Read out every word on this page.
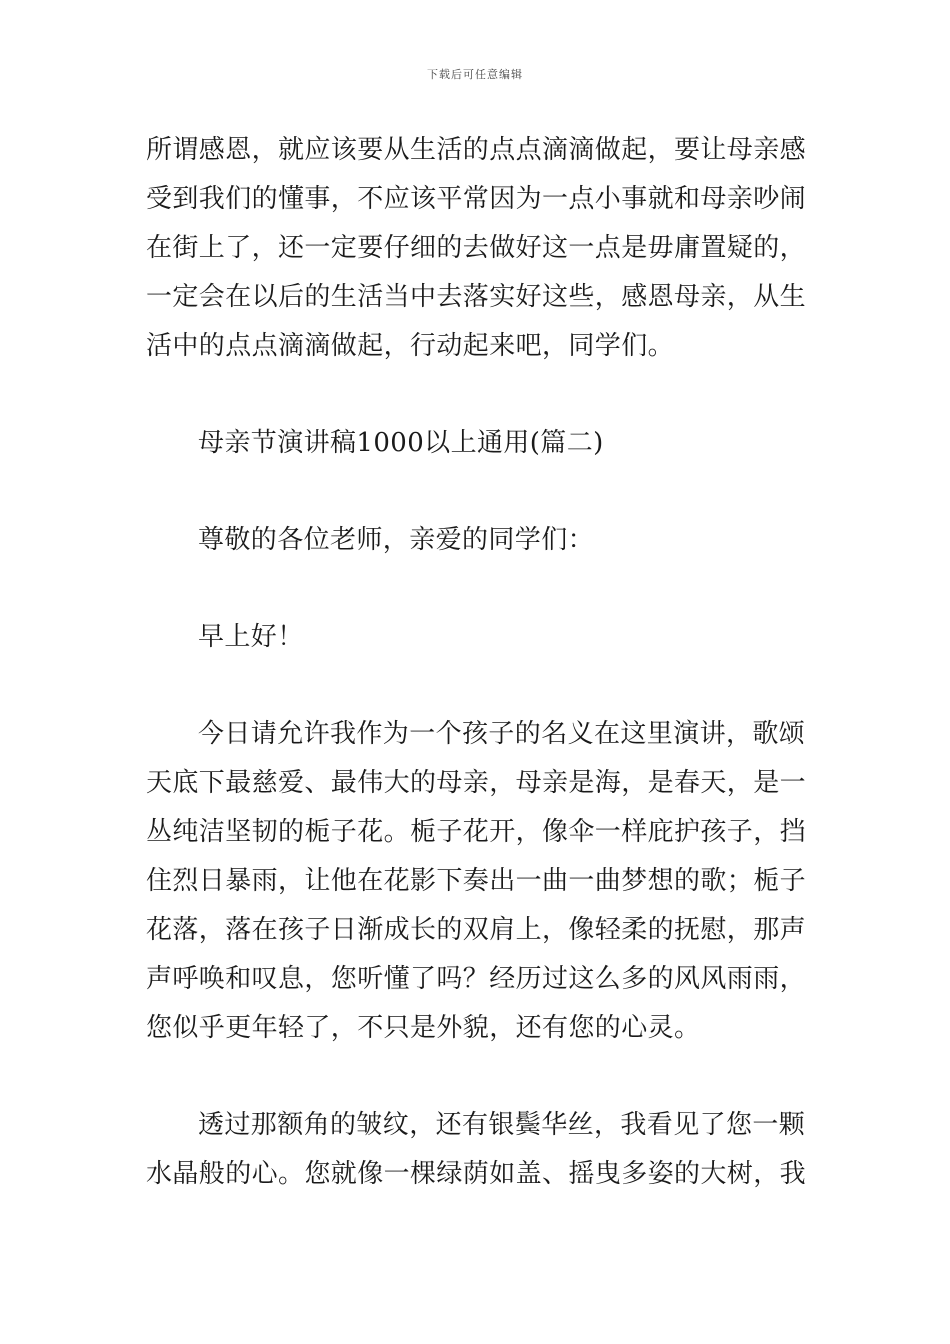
下载后可任意编辑
所谓感恩，就应该要从生活的点点滴滴做起，要让母亲感
受到我们的懂事，不应该平常因为一点小事就和母亲吵闹
在街上了，还一定要仔细的去做好这一点是毋庸置疑的，
一定会在以后的生活当中去落实好这些，感恩母亲，从生
活中的点点滴滴做起，行动起来吧，同学们。
母亲节演讲稿1000以上通用(篇二)
尊敬的各位老师，亲爱的同学们：
早上好！
今日请允许我作为一个孩子的名义在这里演讲，歌颂
天底下最慈爱、最伟大的母亲，母亲是海，是春天，是一
丛纯洁坚韧的栀子花。栀子花开，像伞一样庇护孩子，挡
住烈日暴雨，让他在花影下奏出一曲一曲梦想的歌；栀子
花落，落在孩子日渐成长的双肩上，像轻柔的抚慰，那声
声呼唤和叹息，您听懂了吗？经历过这么多的风风雨雨，
您似乎更年轻了，不只是外貌，还有您的心灵。
透过那额角的皱纹，还有银鬓华丝，我看见了您一颗
水晶般的心。您就像一棵绿荫如盖、摇曳多姿的大树，我
